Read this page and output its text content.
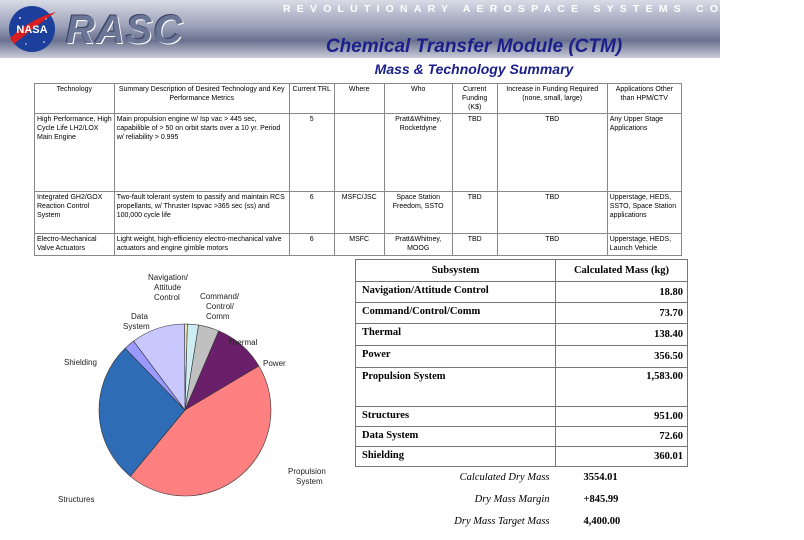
NASA RASC	REVOLUTIONARY AEROSPACE SYSTEMS CONCEPTS
Chemical Transfer Module (CTM)
Mass & Technology Summary
Technology	Summary Description of Desired Technology and Key Performance Metrics	Current TRL	Where	Who	Current Funding (K$)	Increase in Funding Required (none, small, large)	Applications Other than HPM/CTV
High Performance, High Cycle Life LH2/LOX Main Engine	Main propulsion engine w/ Isp vac > 445 sec, capabilible of > 50 on orbit starts over a 10 yr. Period w/ reliability > 0.995	5		Pratt&Whitney, Rocketdyne	TBD	TBD	Any Upper Stage Applications
Integrated GH2/GOX Reaction Control System	Two-fault tolerant system to passify and maintain RCS propellants, w/ Thruster Ispvac >365 sec (ss) and 100,000 cycle life	6	MSFC/JSC	Space Station Freedom, SSTO	TBD	TBD	Upperstage, HEDS, SSTO, Space Station applications
Electro-Mechanical Valve Actuators	Light weight, high-efficiency electro-mechanical valve actuators and engine gimble motors	6	MSFC	Pratt&Whitney, MOOG	TBD	TBD	Upperstage, HEDS, Launch Vehicle
Navigation/ Attitude Control	Command/ Control/ Comm
Thermal
Power
Propulsion System
Structures
Data System
Shielding
Subsystem	Calculated Mass (kg)
Navigation/Attitude Control	18.80
Command/Control/Comm	73.70
Thermal	138.40
Power	356.50
Propulsion System	1,583.00
Structures	951.00
Data System	72.60
Shielding	360.01
Calculated Dry Mass	3554.01
Dry Mass Margin	+845.99
Dry Mass Target Mass	4,400.00
